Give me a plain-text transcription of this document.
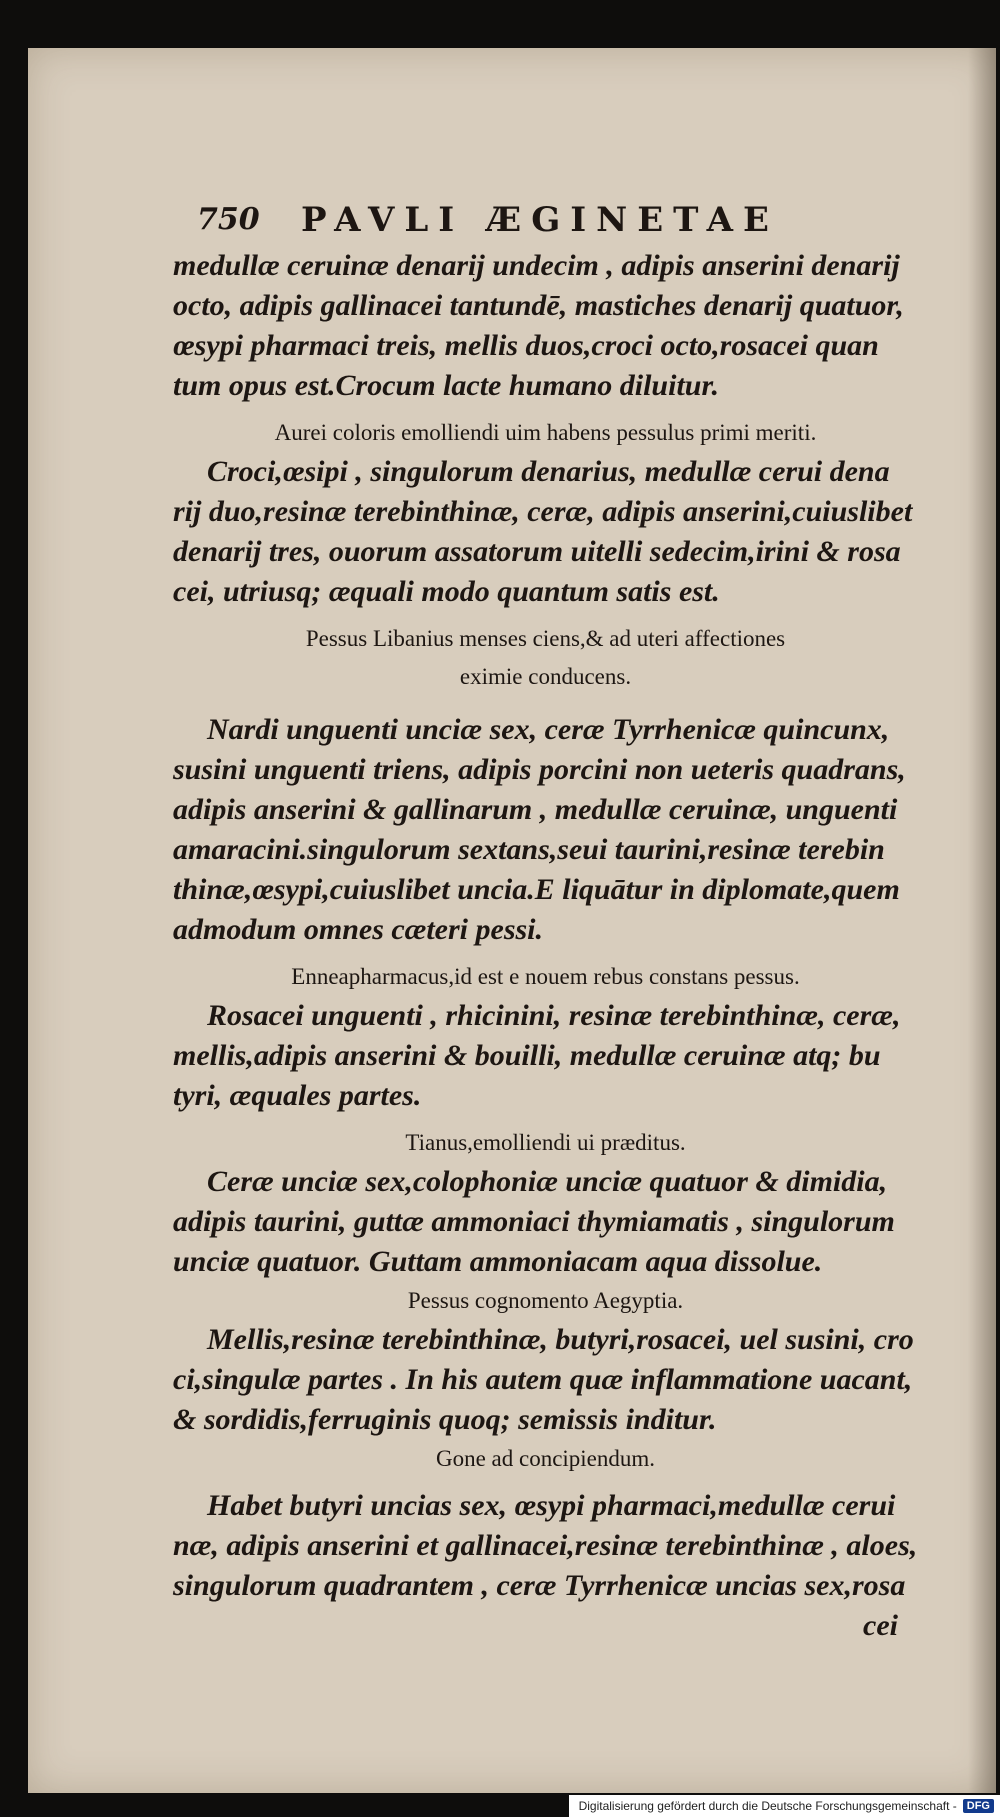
750 PAVLI ÆGINETAE
medullæ ceruinæ denarij undecim , adipis anserini denarij
octo, adipis gallinacei tantundē, mastiches denarij quatuor,
œsypi pharmaci treis, mellis duos,croci octo,rosacei quan
tum opus est.Crocum lacte humano diluitur.
Aurei coloris emolliendi uim habens pessulus primi meriti.
Croci,œsipi , singulorum denarius, medullæ cerui dena
rij duo,resinæ terebinthinæ, ceræ, adipis anserini,cuiuslibet
denarij tres, ouorum assatorum uitelli sedecim,irini & rosa
cei, utriusq; æquali modo quantum satis est.
Pessus Libanius menses ciens,& ad uteri affectiones
eximie conducens.
Nardi unguenti unciæ sex, ceræ Tyrrhenicæ quincunx,
susini unguenti triens, adipis porcini non ueteris quadrans,
adipis anserini & gallinarum , medullæ ceruinæ, unguenti
amaracini.singulorum sextans,seui taurini,resinæ terebin
thinæ,œsypi,cuiuslibet uncia.E liquātur in diplomate,quem
admodum omnes cæteri pessi.
Enneapharmacus,id est e nouem rebus constans pessus.
Rosacei unguenti , rhicinini, resinæ terebinthinæ, ceræ,
mellis,adipis anserini & bouilli, medullæ ceruinæ atq; bu
tyri, æquales partes.
Tianus,emolliendi ui præditus.
Ceræ unciæ sex,colophoniæ unciæ quatuor & dimidia,
adipis taurini, guttæ ammoniaci thymiamatis , singulorum
unciæ quatuor. Guttam ammoniacam aqua dissolue.
Pessus cognomento Aegyptia.
Mellis,resinæ terebinthinæ, butyri,rosacei, uel susini, cro
ci,singulæ partes . In his autem quæ inflammatione uacant,
& sordidis,ferruginis quoq; semissis inditur.
Gone ad concipiendum.
Habet butyri uncias sex, œsypi pharmaci,medullæ cerui
næ, adipis anserini et gallinacei,resinæ terebinthinæ , aloes,
singulorum quadrantem , ceræ Tyrrhenicæ uncias sex,rosa
cei
Digitalisierung gefördert durch die Deutsche Forschungsgemeinschaft - DFG
